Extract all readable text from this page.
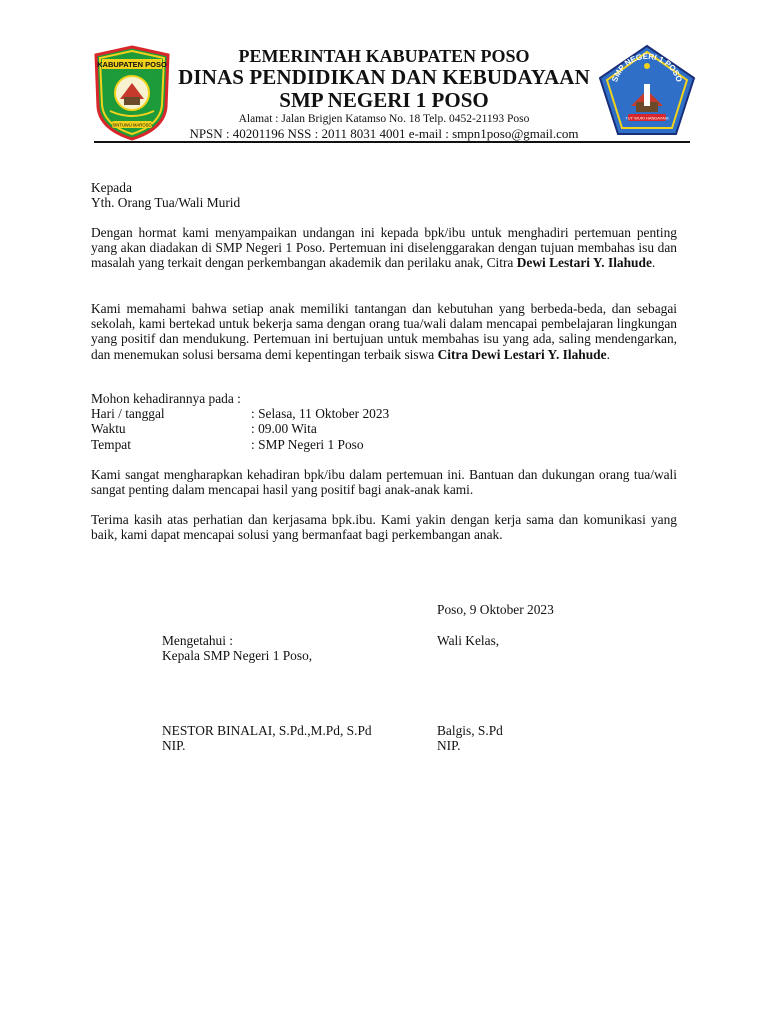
KABUPATEN POSO
SINTUWU MAROSO
PEMERINTAH KABUPATEN POSO
DINAS PENDIDIKAN DAN KEBUDAYAAN
SMP NEGERI 1 POSO
Alamat : Jalan Brigjen Katamso No. 18 Telp. 0452-21193 Poso
NPSN : 40201196 NSS : 2011 8031 4001 e-mail : smpn1poso@gmail.com
SMP NEGERI 1 POSO
TUT WURI HANDAYANI
Kepada
Yth. Orang Tua/Wali Murid
Dengan hormat kami menyampaikan undangan ini kepada bpk/ibu untuk menghadiri pertemuan penting yang akan diadakan di SMP Negeri 1 Poso. Pertemuan ini diselenggarakan dengan tujuan membahas isu dan masalah yang terkait dengan perkembangan akademik dan perilaku anak, Citra Dewi Lestari Y. Ilahude.
Kami memahami bahwa setiap anak memiliki tantangan dan kebutuhan yang berbeda-beda, dan sebagai sekolah, kami bertekad untuk bekerja sama dengan orang tua/wali dalam mencapai pembelajaran lingkungan yang positif dan mendukung. Pertemuan ini bertujuan untuk membahas isu yang ada, saling mendengarkan, dan menemukan solusi bersama demi kepentingan terbaik siswa Citra Dewi Lestari Y. Ilahude.
Mohon kehadirannya pada :
Hari / tanggal	: Selasa, 11 Oktober 2023
Waktu	: 09.00 Wita
Tempat	: SMP Negeri 1 Poso
Kami sangat mengharapkan kehadiran bpk/ibu dalam pertemuan ini. Bantuan dan dukungan orang tua/wali sangat penting dalam mencapai hasil yang positif bagi anak-anak kami.
Terima kasih atas perhatian dan kerjasama bpk.ibu. Kami yakin dengan kerja sama dan komunikasi yang baik, kami dapat mencapai solusi yang bermanfaat bagi perkembangan anak.
Poso, 9 Oktober 2023
Mengetahui :
Kepala SMP Negeri 1 Poso,
Wali Kelas,
NESTOR BINALAI, S.Pd.,M.Pd, S.Pd
NIP.
Balgis, S.Pd
NIP.
